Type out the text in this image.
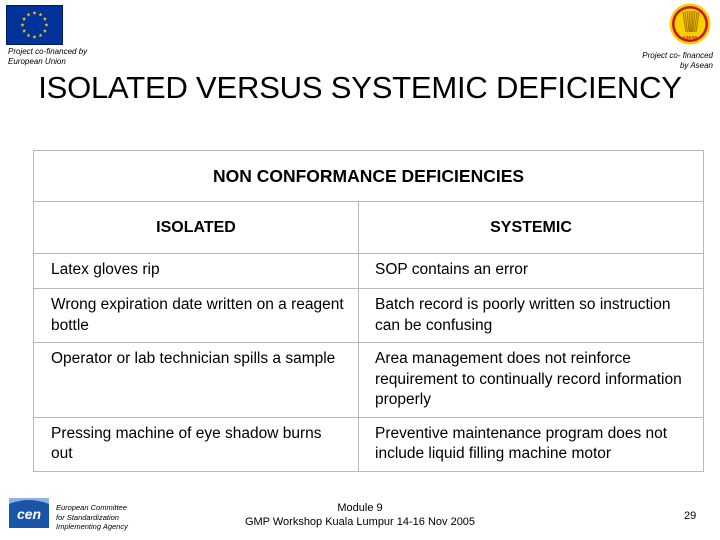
Project co-financed by
European Union
ASEAN
Project co- financed
by Asean
ISOLATED VERSUS SYSTEMIC DEFICIENCY
NON CONFORMANCE DEFICIENCIES	
ISOLATED	SYSTEMIC
Latex gloves rip	SOP contains an error
Wrong expiration date written on a reagent bottle	Batch record is poorly written so instruction can be confusing
Operator or lab technician spills a sample	Area management does not reinforce requirement to continually record information properly
Pressing machine of eye shadow burns out	Preventive maintenance program does not include liquid filling machine motor
cen European Committee
for Standardization
Implementing Agency
Module 9
GMP Workshop Kuala Lumpur 14-16 Nov 2005	29
